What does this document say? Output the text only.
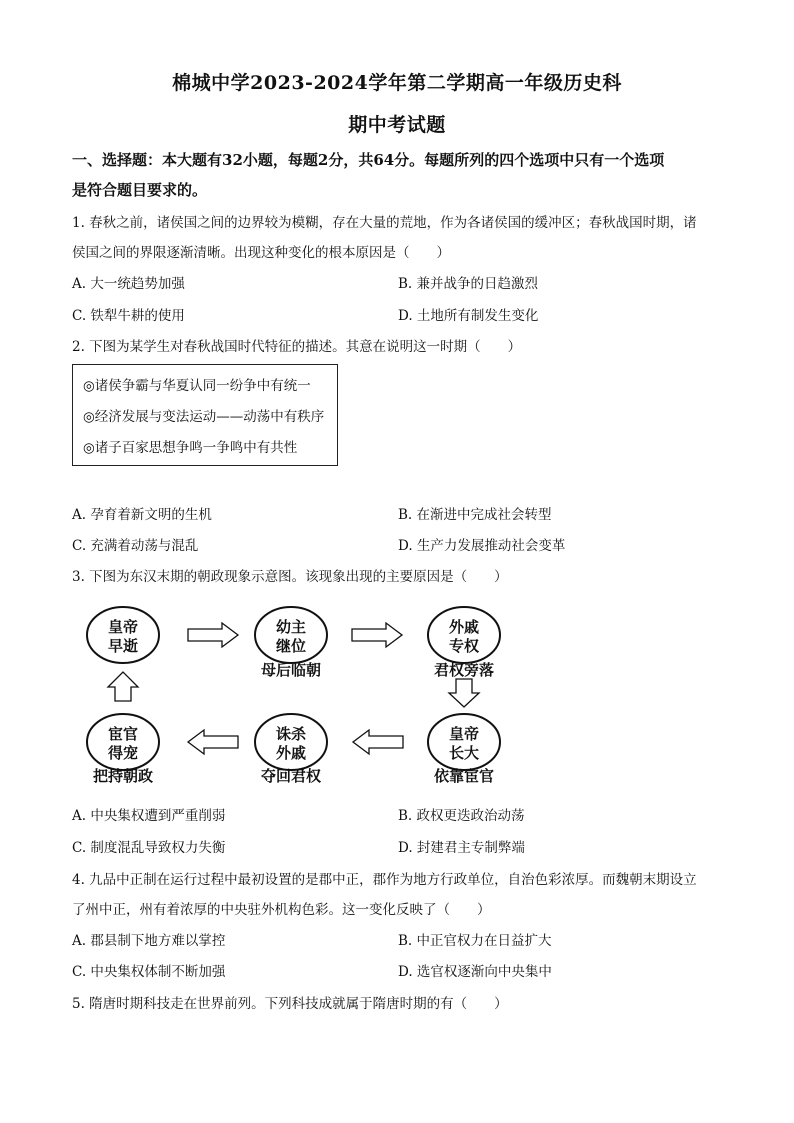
棉城中学2023-2024学年第二学期高一年级历史科
期中考试题
一、选择题：本大题有32小题，每题2分，共64分。每题所列的四个选项中只有一个选项
是符合题目要求的。
1. 春秋之前，诸侯国之间的边界较为模糊，存在大量的荒地，作为各诸侯国的缓冲区；春秋战国时期，诸
侯国之间的界限逐渐清晰。出现这种变化的根本原因是（　　）
A. 大一统趋势加强	B. 兼并战争的日趋激烈
C. 铁犁牛耕的使用	D. 土地所有制发生变化
2. 下图为某学生对春秋战国时代特征的描述。其意在说明这一时期（　　）
◎诸侯争霸与华夏认同一纷争中有统一
◎经济发展与变法运动——动荡中有秩序
◎诸子百家思想争鸣一争鸣中有共性
A. 孕育着新文明的生机	B. 在渐进中完成社会转型
C. 充满着动荡与混乱	D. 生产力发展推动社会变革
3. 下图为东汉末期的朝政现象示意图。该现象出现的主要原因是（　　）
皇帝
早逝
幼主
继位
外戚
专权
皇帝
长大
诛杀
外戚
宦官
得宠
母后临朝	君权旁落
依靠宦官
夺回君权
把持朝政
A. 中央集权遭到严重削弱	B. 政权更迭政治动荡
C. 制度混乱导致权力失衡	D. 封建君主专制弊端
4. 九品中正制在运行过程中最初设置的是郡中正，郡作为地方行政单位，自治色彩浓厚。而魏朝末期设立
了州中正，州有着浓厚的中央驻外机构色彩。这一变化反映了（　　）
A. 郡县制下地方难以掌控	B. 中正官权力在日益扩大
C. 中央集权体制不断加强	D. 选官权逐渐向中央集中
5. 隋唐时期科技走在世界前列。下列科技成就属于隋唐时期的有（　　）
